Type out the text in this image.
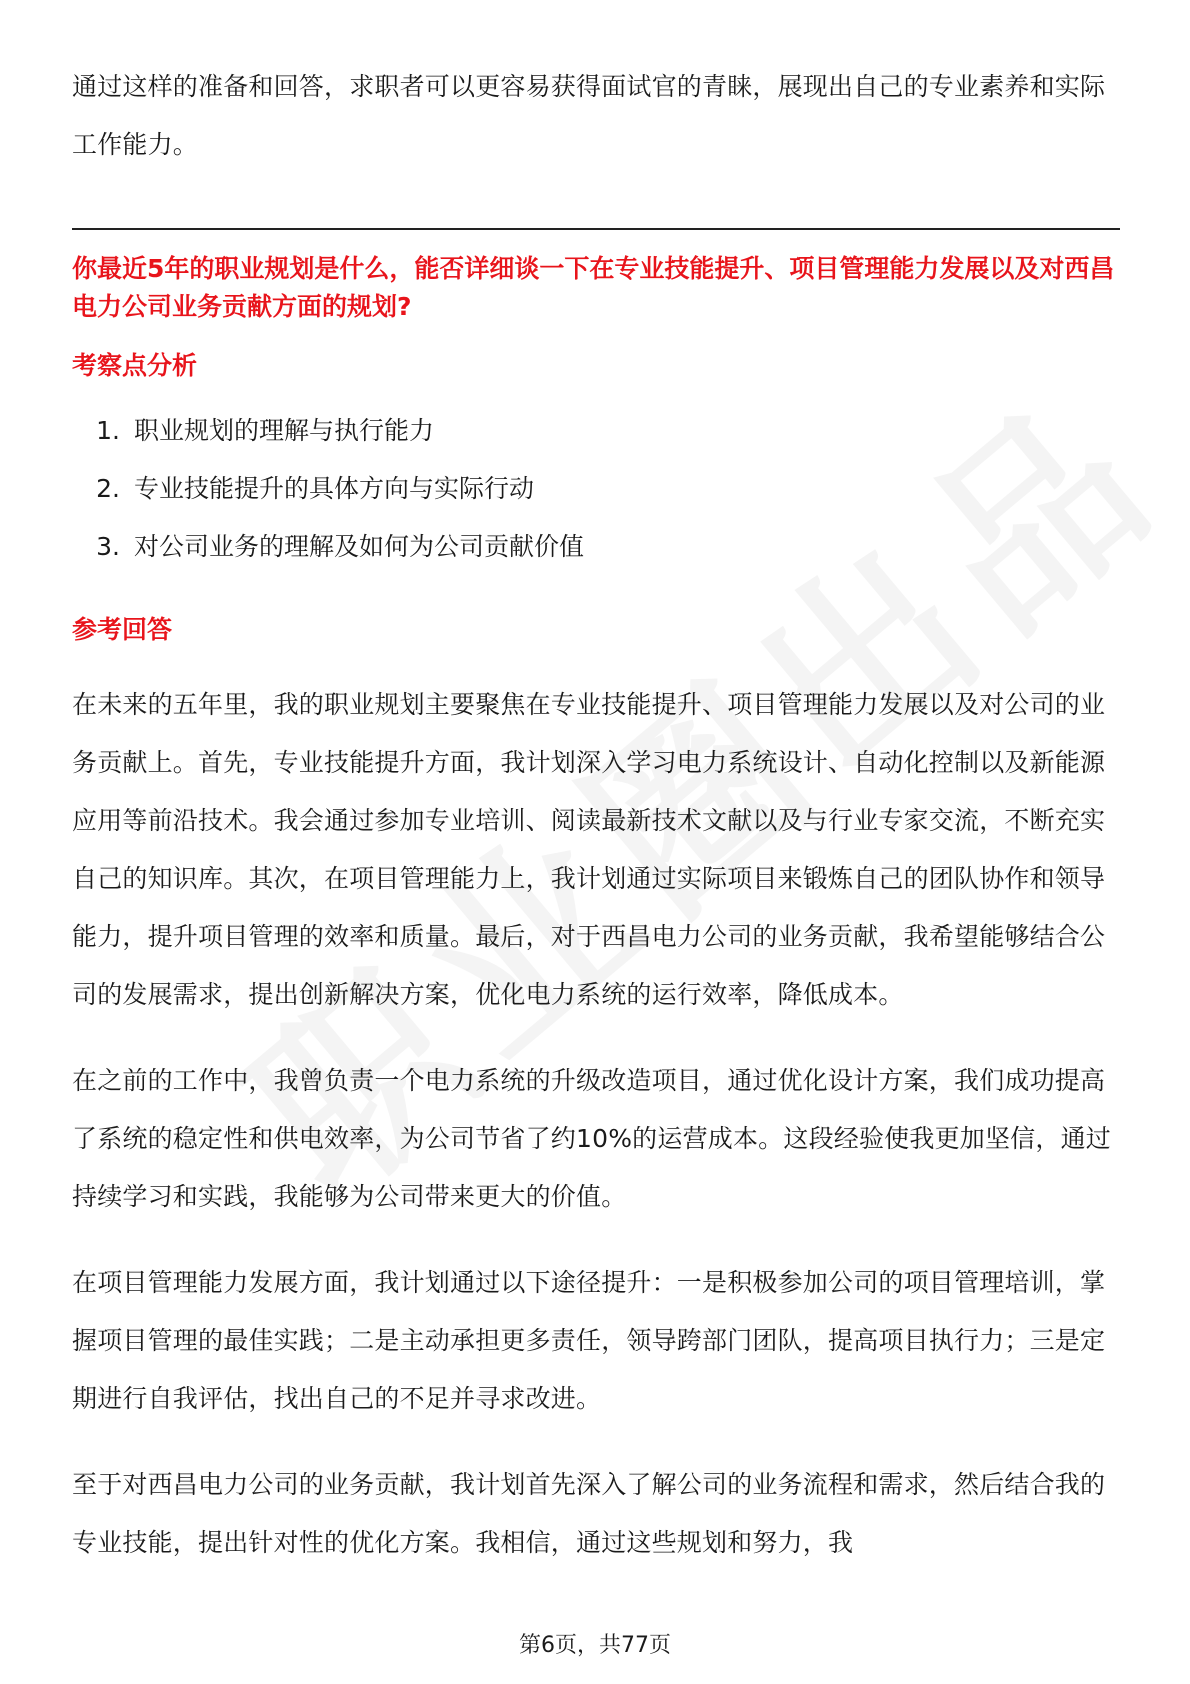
通过这样的准备和回答，求职者可以更容易获得面试官的青睐，展现出自己的专业素养和实际工作能力。

你最近5年的职业规划是什么，能否详细谈一下在专业技能提升、项目管理能力发展以及对西昌电力公司业务贡献方面的规划?

考察点分析
1. 职业规划的理解与执行能力
2. 专业技能提升的具体方向与实际行动
3. 对公司业务的理解及如何为公司贡献价值
参考回答

在未来的五年里，我的职业规划主要聚焦在专业技能提升、项目管理能力发展以及对公司的业务贡献上。首先，专业技能提升方面，我计划深入学习电力系统设计、自动化控制以及新能源应用等前沿技术。我会通过参加专业培训、阅读最新技术文献以及与行业专家交流，不断充实自己的知识库。其次，在项目管理能力上，我计划通过实际项目来锻炼自己的团队协作和领导能力，提升项目管理的效率和质量。最后，对于西昌电力公司的业务贡献，我希望能够结合公司的发展需求，提出创新解决方案，优化电力系统的运行效率，降低成本。

在之前的工作中，我曾负责一个电力系统的升级改造项目，通过优化设计方案，我们成功提高了系统的稳定性和供电效率，为公司节省了约10%的运营成本。这段经验使我更加坚信，通过持续学习和实践，我能够为公司带来更大的价值。

在项目管理能力发展方面，我计划通过以下途径提升：一是积极参加公司的项目管理培训，掌握项目管理的最佳实践；二是主动承担更多责任，领导跨部门团队，提高项目执行力；三是定期进行自我评估，找出自己的不足并寻求改进。

至于对西昌电力公司的业务贡献，我计划首先深入了解公司的业务流程和需求，然后结合我的专业技能，提出针对性的优化方案。我相信，通过这些规划和努力，我

第6页，共77页
